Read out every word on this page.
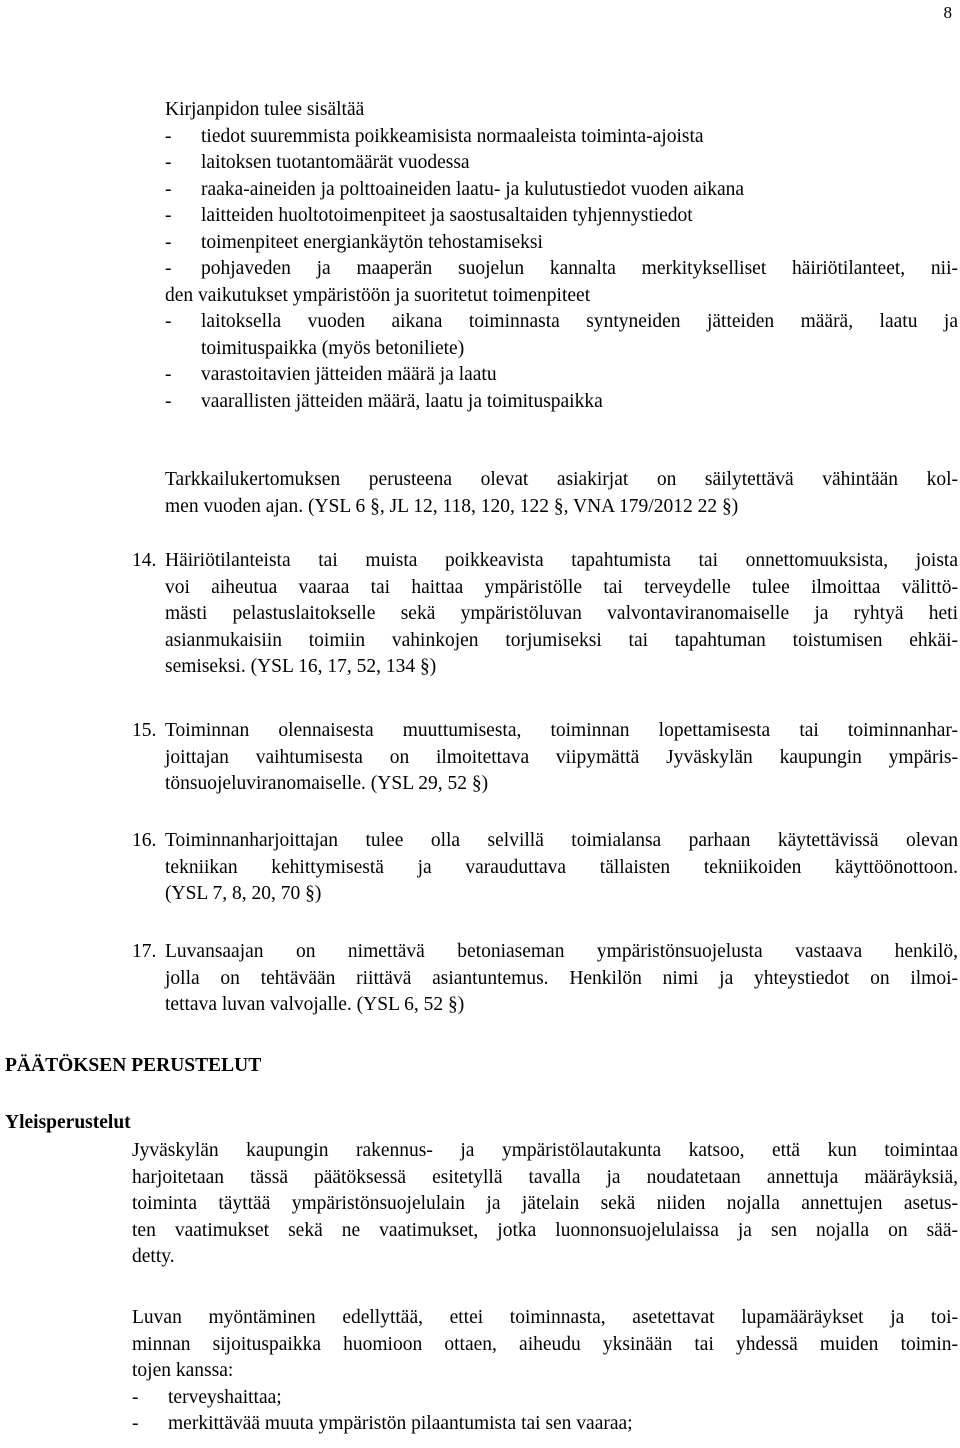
8
Kirjanpidon tulee sisältää
-	tiedot suuremmista poikkeamisista normaaleista toiminta-ajoista
-	laitoksen tuotantomäärät vuodessa
-	raaka-aineiden ja polttoaineiden laatu- ja kulutustiedot vuoden aikana
-	laitteiden huoltotoimenpiteet ja saostusaltaiden tyhjennystiedot
-	toimenpiteet energiankäytön tehostamiseksi
-	pohjaveden ja maaperän suojelun kannalta merkitykselliset häiriötilanteet, nii-
den vaikutukset ympäristöön ja suoritetut toimenpiteet
-	laitoksella vuoden aikana toiminnasta syntyneiden jätteiden määrä, laatu ja
toimituspaikka (myös betoniliete)
-	varastoitavien jätteiden määrä ja laatu
-	vaarallisten jätteiden määrä, laatu ja toimituspaikka
Tarkkailukertomuksen perusteena olevat asiakirjat on säilytettävä vähintään kol-
men vuoden ajan. (YSL 6 §, JL 12, 118, 120, 122 §, VNA 179/2012 22 §)
14. Häiriötilanteista tai muista poikkeavista tapahtumista tai onnettomuuksista, joista
voi aiheutua vaaraa tai haittaa ympäristölle tai terveydelle tulee ilmoittaa välittö-
mästi pelastuslaitokselle sekä ympäristöluvan valvontaviranomaiselle ja ryhtyä heti
asianmukaisiin toimiin vahinkojen torjumiseksi tai tapahtuman toistumisen ehkäi-
semiseksi. (YSL 16, 17, 52, 134 §)
15. Toiminnan olennaisesta muuttumisesta, toiminnan lopettamisesta tai toiminnanhar-
joittajan vaihtumisesta on ilmoitettava viipymättä Jyväskylän kaupungin ympäris-
tönsuojeluviranomaiselle. (YSL 29, 52 §)
16. Toiminnanharjoittajan tulee olla selvillä toimialansa parhaan käytettävissä olevan
tekniikan kehittymisestä ja varauduttava tällaisten tekniikoiden käyttöönottoon.
(YSL 7, 8, 20, 70 §)
17. Luvansaajan on nimettävä betoniaseman ympäristönsuojelusta vastaava henkilö,
jolla on tehtävään riittävä asiantuntemus. Henkilön nimi ja yhteystiedot on ilmoi-
tettava luvan valvojalle. (YSL 6, 52 §)
PÄÄTÖKSEN PERUSTELUT
Yleisperustelut
Jyväskylän kaupungin rakennus- ja ympäristölautakunta katsoo, että kun toimintaa
harjoitetaan tässä päätöksessä esitetyllä tavalla ja noudatetaan annettuja määräyksiä,
toiminta täyttää ympäristönsuojelulain ja jätelain sekä niiden nojalla annettujen asetus-
ten vaatimukset sekä ne vaatimukset, jotka luonnonsuojelulaissa ja sen nojalla on sää-
detty.
Luvan myöntäminen edellyttää, ettei toiminnasta, asetettavat lupamääräykset ja toi-
minnan sijoituspaikka huomioon ottaen, aiheudu yksinään tai yhdessä muiden toimin-
tojen kanssa:
-	terveyshaittaa;
-	merkittävää muuta ympäristön pilaantumista tai sen vaaraa;
